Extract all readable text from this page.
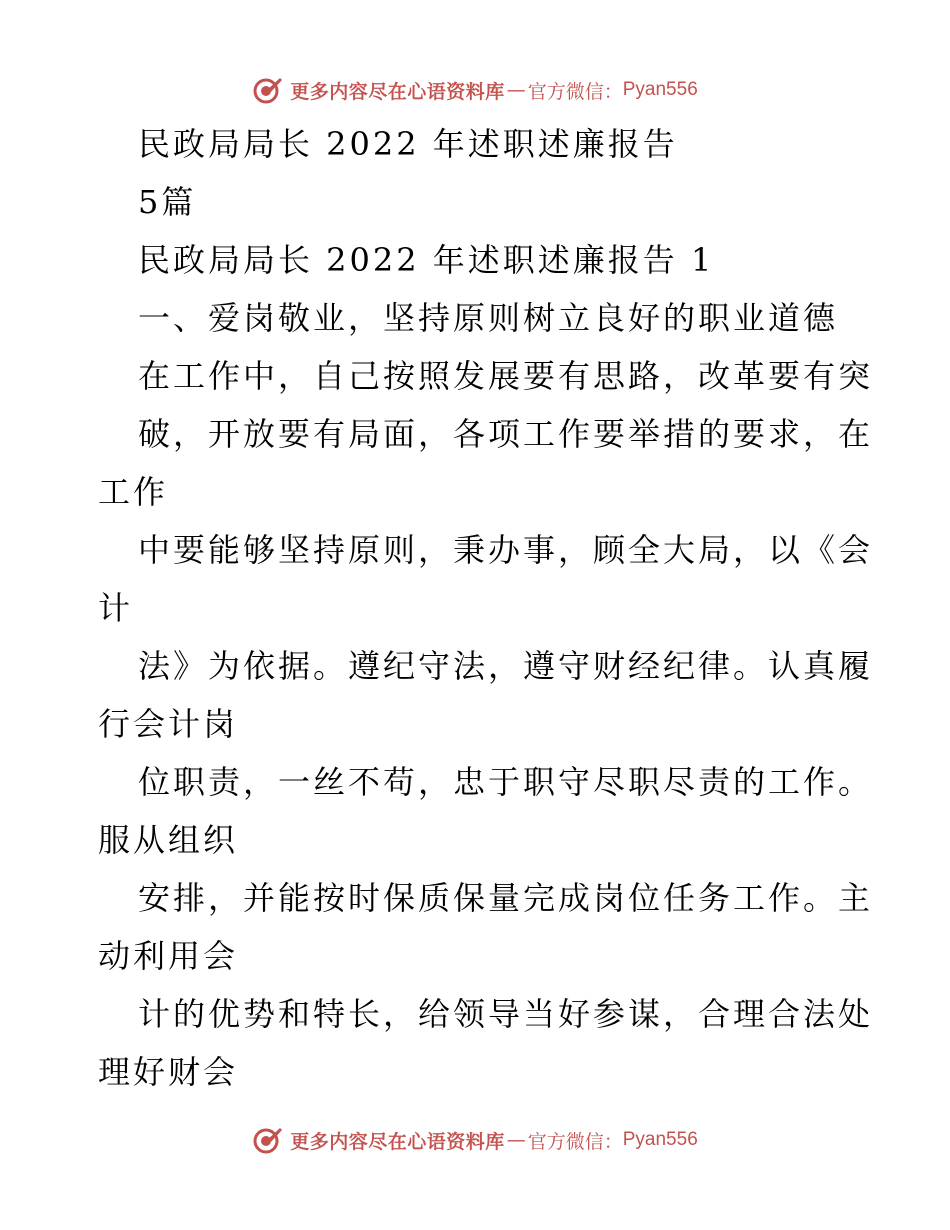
更多内容尽在心语资料库 — 官方微信： Pyan556
民政局局长 2022 年述职述廉报告
5篇
民政局局长 2022 年述职述廉报告 1
一、爱岗敬业，坚持原则树立良好的职业道德
在工作中，自己按照发展要有思路，改革要有突
破，开放要有局面，各项工作要举措的要求，在
工作
中要能够坚持原则，秉办事，顾全大局，以《会
计
法》为依据。遵纪守法，遵守财经纪律。认真履
行会计岗
位职责，一丝不苟，忠于职守尽职尽责的工作。
服从组织
安排，并能按时保质保量完成岗位任务工作。主
动利用会
计的优势和特长，给领导当好参谋，合理合法处
理好财会
更多内容尽在心语资料库 — 官方微信： Pyan556
